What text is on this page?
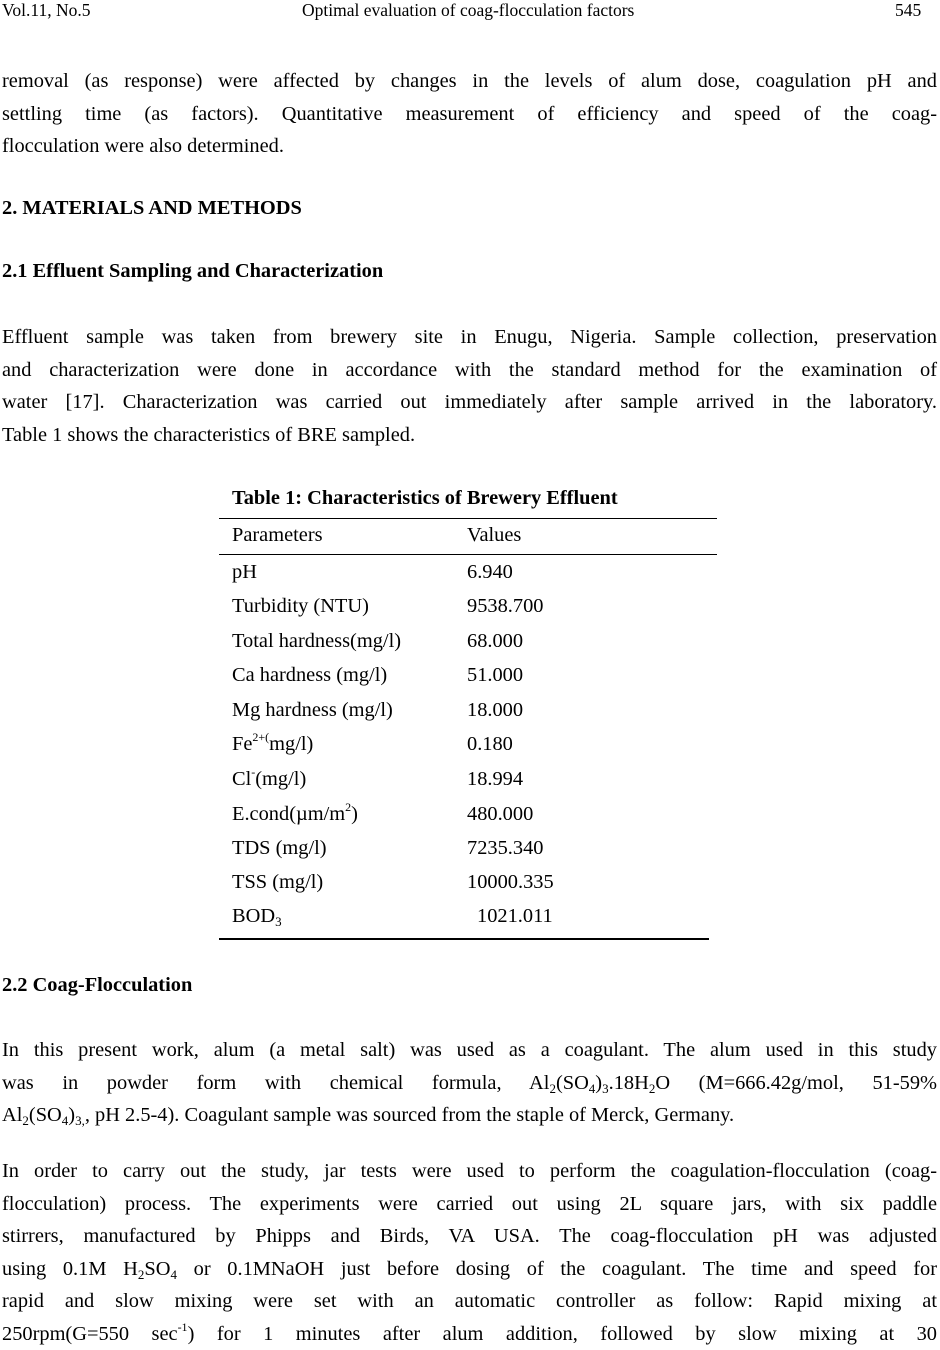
Vol.11, No.5	Optimal evaluation of coag-flocculation factors	545
removal (as response) were affected by changes in the levels of alum dose, coagulation pH and
settling time (as factors). Quantitative measurement of efficiency and speed of the coag-
flocculation were also determined.
2. MATERIALS AND METHODS
2.1 Effluent Sampling and Characterization
Effluent sample was taken from brewery site in Enugu, Nigeria. Sample collection, preservation
and characterization were done in accordance with the standard method for the examination of
water [17]. Characterization was carried out immediately after sample arrived in the laboratory.
Table 1 shows the characteristics of BRE sampled.
Table 1: Characteristics of Brewery Effluent
Parameters	Values
pH	6.940
Turbidity (NTU)	9538.700
Total hardness(mg/l)	68.000
Ca hardness (mg/l)	51.000
Mg hardness (mg/l)	18.000
$Fe^{2+(}mg/l$)	0.180
Cl-(mg/l)	18.994
$E.cond(\mu m/m^2)$	480.000
TDS (mg/l)	7235.340
TSS (mg/l)	10000.335
$BOD_3$	1021.011
2.2 Coag-Flocculation
In this present work, alum (a metal salt) was used as a coagulant. The alum used in this study
was in powder form with chemical formula, $Al_2(SO_4)_3.18H_2O$ (M=666.42g/mol, 51-59%
$Al_2(SO_4)_{3,}$, pH 2.5-4). Coagulant sample was sourced from the staple of Merck, Germany.
In order to carry out the study, jar tests were used to perform the coagulation-flocculation (coag-
flocculation) process. The experiments were carried out using 2L square jars, with six paddle
stirrers, manufactured by Phipps and Birds, VA USA. The coag-flocculation pH was adjusted
using 0.1M $H_2SO_4$ or 0.1MNaOH just before dosing of the coagulant. The time and speed for
rapid and slow mixing were set with an automatic controller as follow: Rapid mixing at
250rpm(G=550 $\sec^{-1}$) for 1 minutes after alum addition, followed by slow mixing at 30
